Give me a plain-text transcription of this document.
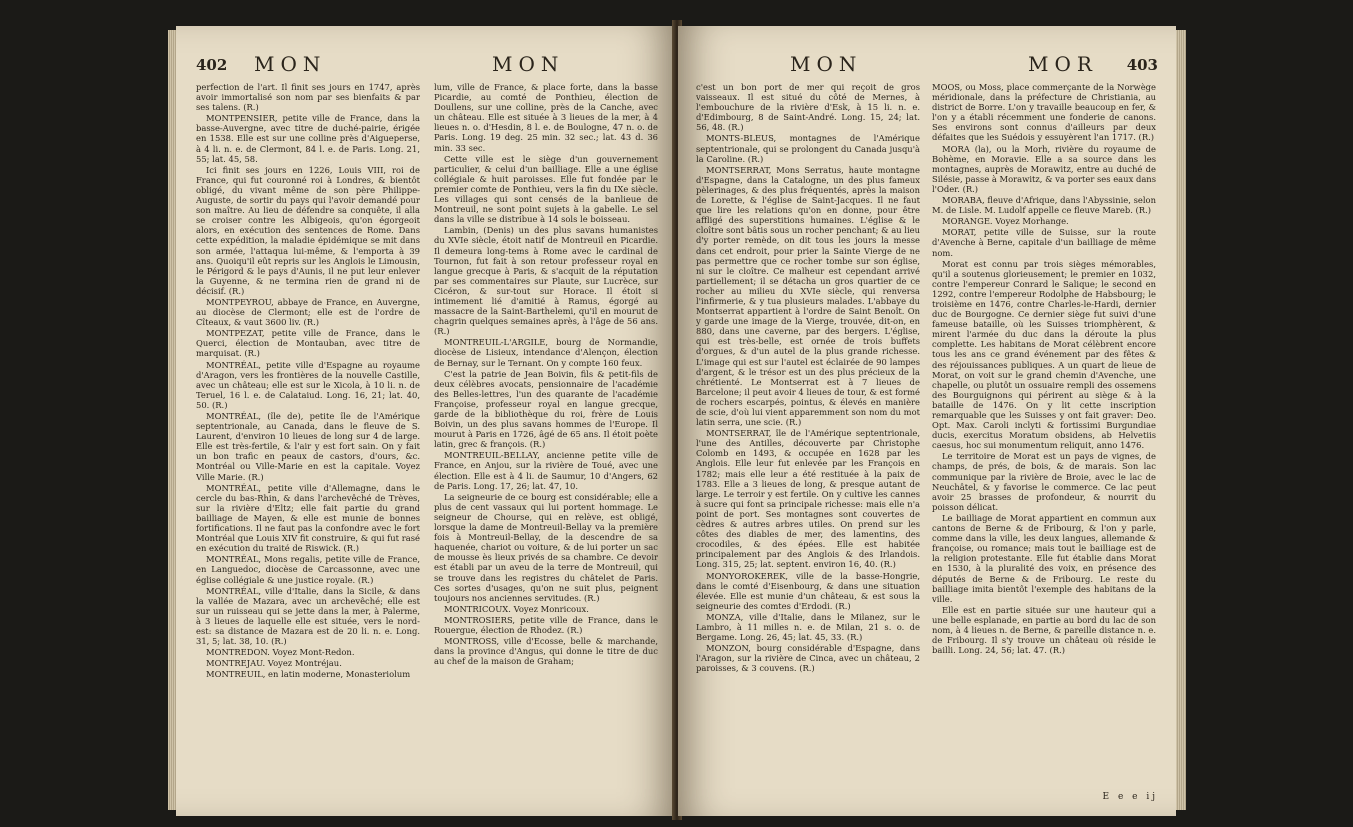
402 MON	MON

perfection de l'art. Il finit ses jours en 1747, après avoir immortalisé son nom par ses bienfaits & par ses talens. (R.)

MONTPENSIER, petite ville de France, dans la basse-Auvergne, avec titre de duché-pairie, érigée en 1538. Elle est sur une colline près d'Aigueperse, à 4 li. n. e. de Clermont, 84 l. e. de Paris. Long. 21, 55; lat. 45, 58.

Ici finit ses jours en 1226, Louis VIII, roi de France, qui fut couronné roi à Londres, & bientôt obligé, du vivant même de son père Philippe-Auguste, de sortir du pays qui l'avoir demandé pour son maître. Au lieu de défendre sa conquête, il alla se croiser contre les Albigeois, qu'on égorgeoit alors, en exécution des sentences de Rome. Dans cette expédition, la maladie épidémique se mit dans son armée, l'attaqua lui-même, & l'emporta à 39 ans. Quoiqu'il eût repris sur les Anglois le Limousin, le Périgord & le pays d'Aunis, il ne put leur enlever la Guyenne, & ne termina rien de grand ni de décisif. (R.)

MONTPEYROU, abbaye de France, en Auvergne, au diocèse de Clermont; elle est de l'ordre de Cîteaux, & vaut 3600 liv. (R.)

MONTPEZAT, petite ville de France, dans le Querci, élection de Montauban, avec titre de marquisat. (R.)

MONTRÉAL, petite ville d'Espagne au royaume d'Aragon, vers les frontières de la nouvelle Castille, avec un château; elle est sur le Xicola, à 10 li. n. de Teruel, 16 l. e. de Calataiud. Long. 16, 21; lat. 40, 50. (R.)

MONTRÉAL, (île de), petite île de l'Amérique septentrionale, au Canada, dans le fleuve de S. Laurent, d'environ 10 lieues de long sur 4 de large. Elle est très-fertile, & l'air y est fort sain. On y fait un bon trafic en peaux de castors, d'ours, &c. Montréal ou Ville-Marie en est la capitale. Voyez Ville Marie. (R.)

MONTRÉAL, petite ville d'Allemagne, dans le cercle du bas-Rhin, & dans l'archevêché de Trèves, sur la rivière d'Eltz; elle fait partie du grand bailliage de Mayen, & elle est munie de bonnes fortifications. Il ne faut pas la confondre avec le fort Montréal que Louis XIV fit construire, & qui fut rasé en exécution du traité de Riswick. (R.)

MONTRÉAL, Mons regalis, petite ville de France, en Languedoc, diocèse de Carcassonne, avec une église collégiale & une justice royale. (R.)

MONTRÉAL, ville d'Italie, dans la Sicile, & dans la vallée de Mazara, avec un archevêché; elle est sur un ruisseau qui se jette dans la mer, à Palerme, à 3 lieues de laquelle elle est située, vers le nord-est: sa distance de Mazara est de 20 li. n. e. Long. 31, 5; lat. 38, 10. (R.)

MONTREDON. Voyez Mont-Redon.

MONTREJAU. Voyez Montréjau.

MONTREUIL, en latin moderne, Monasteriolum

lum, ville de France, & place forte, dans la basse Picardie, au comté de Ponthieu, élection de Doullens, sur une colline, près de la Canche, avec un château. Elle est située à 3 lieues de la mer, à 4 lieues n. o. d'Hesdin, 8 l. e. de Boulogne, 47 n. o. de Paris. Long. 19 deg. 25 min. 32 sec.; lat. 43 d. 36 min. 33 sec.

Cette ville est le siège d'un gouvernement particulier, & celui d'un bailliage. Elle a une église collégiale & huit paroisses. Elle fut fondée par le premier comte de Ponthieu, vers la fin du IXe siècle. Les villages qui sont censés de la banlieue de Montreuil, ne sont point sujets à la gabelle. Le sel dans la ville se distribue à 14 sols le boisseau.

Lambin, (Denis) un des plus savans humanistes du XVIe siècle, étoit natif de Montreuil en Picardie. Il demeura long-tems à Rome avec le cardinal de Tournon, fut fait à son retour professeur royal en langue grecque à Paris, & s'acquit de la réputation par ses commentaires sur Plaute, sur Lucrèce, sur Cicéron, & sur-tout sur Horace. Il étoit si intimement lié d'amitié à Ramus, égorgé au massacre de la Saint-Barthelemi, qu'il en mourut de chagrin quelques semaines après, à l'âge de 56 ans. (R.)

MONTREUIL-L'ARGILE, bourg de Normandie, diocèse de Lisieux, intendance d'Alençon, élection de Bernay, sur le Ternant. On y compte 160 feux.

C'est la patrie de Jean Boivin, fils & petit-fils de deux célèbres avocats, pensionnaire de l'académie des Belles-lettres, l'un des quarante de l'académie Françoise, professeur royal en langue grecque, garde de la bibliothèque du roi, frère de Louis Boivin, un des plus savans hommes de l'Europe. Il mourut à Paris en 1726, âgé de 65 ans. Il étoit poète latin, grec & françois. (R.)

MONTREUIL-BELLAY, ancienne petite ville de France, en Anjou, sur la rivière de Toué, avec une élection. Elle est à 4 li. de Saumur, 10 d'Angers, 62 de Paris. Long. 17, 26; lat. 47, 10.

La seigneurie de ce bourg est considérable; elle a plus de cent vassaux qui lui portent hommage. Le seigneur de Chourse, qui en relève, est obligé, lorsque la dame de Montreuil-Bellay va la première fois à Montreuil-Bellay, de la descendre de sa haquenée, chariot ou voiture, & de lui porter un sac de mousse ès lieux privés de sa chambre. Ce devoir est établi par un aveu de la terre de Montreuil, qui se trouve dans les registres du châtelet de Paris. Ces sortes d'usages, qu'on ne suit plus, peignent toujours nos anciennes servitudes. (R.)

MONTRICOUX. Voyez Monricoux.

MONTROSIERS, petite ville de France, dans le Rouergue, élection de Rhodez. (R.)

MONTROSS, ville d'Ecosse, belle & marchande, dans la province d'Angus, qui donne le titre de duc au chef de la maison de Graham;

MON	MOR 403

c'est un bon port de mer qui reçoit de gros vaisseaux. Il est situé du côté de Mernes, à l'embouchure de la rivière d'Esk, à 15 li. n. e. d'Edimbourg, 8 de Saint-André. Long. 15, 24; lat. 56, 48. (R.)

MONTS-BLEUS, montagnes de l'Amérique septentrionale, qui se prolongent du Canada jusqu'à la Caroline. (R.)

MONTSERRAT, Mons Serratus, haute montagne d'Espagne, dans la Catalogne, un des plus fameux pèlerinages, & des plus fréquentés, après la maison de Lorette, & l'église de Saint-Jacques. Il ne faut que lire les relations qu'on en donne, pour être affligé des superstitions humaines. L'église & le cloître sont bâtis sous un rocher penchant; & au lieu d'y porter remède, on dit tous les jours la messe dans cet endroit, pour prier la Sainte Vierge de ne pas permettre que ce rocher tombe sur son église, ni sur le cloître. Ce malheur est cependant arrivé partiellement; il se détacha un gros quartier de ce rocher au milieu du XVIe siècle, qui renversa l'infirmerie, & y tua plusieurs malades. L'abbaye du Montserrat appartient à l'ordre de Saint Benoît. On y garde une image de la Vierge, trouvée, dit-on, en 880, dans une caverne, par des bergers. L'église, qui est très-belle, est ornée de trois buffets d'orgues, & d'un autel de la plus grande richesse. L'image qui est sur l'autel est éclairée de 90 lampes d'argent, & le trésor est un des plus précieux de la chrétienté. Le Montserrat est à 7 lieues de Barcelone; il peut avoir 4 lieues de tour, & est formé de rochers escarpés, pointus, & élevés en manière de scie, d'où lui vient apparemment son nom du mot latin serra, une scie. (R.)

MONTSERRAT, île de l'Amérique septentrionale, l'une des Antilles, découverte par Christophe Colomb en 1493, & occupée en 1628 par les Anglois. Elle leur fut enlevée par les François en 1782; mais elle leur a été restituée à la paix de 1783. Elle a 3 lieues de long, & presque autant de large. Le terroir y est fertile. On y cultive les cannes à sucre qui font sa principale richesse: mais elle n'a point de port. Ses montagnes sont couvertes de cèdres & autres arbres utiles. On prend sur les côtes des diables de mer, des lamentins, des crocodiles, & des épées. Elle est habitée principalement par des Anglois & des Irlandois. Long. 315, 25; lat. septent. environ 16, 40. (R.)

MONYOROKEREK, ville de la basse-Hongrie, dans le comté d'Eisenbourg, & dans une situation élevée. Elle est munie d'un château, & est sous la seigneurie des comtes d'Erdodi. (R.)

MONZA, ville d'Italie, dans le Milanez, sur le Lambro, à 11 milles n. e. de Milan, 21 s. o. de Bergame. Long. 26, 45; lat. 45, 33. (R.)

MONZON, bourg considérable d'Espagne, dans l'Aragon, sur la rivière de Cinca, avec un château, 2 paroisses, & 3 couvens. (R.)

MOOS, ou Moss, place commerçante de la Norwège méridionale, dans la préfecture de Christiania, au district de Borre. L'on y travaille beaucoup en fer, & l'on y a établi récemment une fonderie de canons. Ses environs sont connus d'ailleurs par deux défaites que les Suédois y essuyèrent l'an 1717. (R.)

MORA (la), ou la Morh, rivière du royaume de Bohème, en Moravie. Elle a sa source dans les montagnes, auprès de Morawitz, entre au duché de Silésie, passe à Morawitz, & va porter ses eaux dans l'Oder. (R.)

MORABA, fleuve d'Afrique, dans l'Abyssinie, selon M. de Lisle. M. Ludolf appelle ce fleuve Mareb. (R.)

MORANGE. Voyez Morhange.

MORAT, petite ville de Suisse, sur la route d'Avenche à Berne, capitale d'un bailliage de même nom.

Morat est connu par trois sièges mémorables, qu'il a soutenus glorieusement; le premier en 1032, contre l'empereur Conrard le Salique; le second en 1292, contre l'empereur Rodolphe de Habsbourg; le troisième en 1476, contre Charles-le-Hardi, dernier duc de Bourgogne. Ce dernier siège fut suivi d'une fameuse bataille, où les Suisses triomphèrent, & mirent l'armée du duc dans la déroute la plus complette. Les habitans de Morat célèbrent encore tous les ans ce grand événement par des fêtes & des réjouissances publiques. A un quart de lieue de Morat, on voit sur le grand chemin d'Avenche, une chapelle, ou plutôt un ossuaire rempli des ossemens des Bourguignons qui périrent au siège & à la bataille de 1476. On y lit cette inscription remarquable que les Suisses y ont fait graver: Deo. Opt. Max. Caroli inclyti & fortissimi Burgundiae ducis, exercitus Moratum obsidens, ab Helvetiis caesus, hoc sui monumentum reliquit, anno 1476.

Le territoire de Morat est un pays de vignes, de champs, de prés, de bois, & de marais. Son lac communique par la rivière de Broie, avec le lac de Neuchâtel, & y favorise le commerce. Ce lac peut avoir 25 brasses de profondeur, & nourrit du poisson délicat.

Le bailliage de Morat appartient en commun aux cantons de Berne & de Fribourg, & l'on y parle, comme dans la ville, les deux langues, allemande & françoise, ou romance; mais tout le bailliage est de la religion protestante. Elle fut établie dans Morat en 1530, à la pluralité des voix, en présence des députés de Berne & de Fribourg. Le reste du bailliage imita bientôt l'exemple des habitans de la ville.

Elle est en partie située sur une hauteur qui a une belle esplanade, en partie au bord du lac de son nom, à 4 lieues n. de Berne, & pareille distance n. e. de Fribourg. Il s'y trouve un château où réside le bailli. Long. 24, 56; lat. 47. (R.)

E e e ij
